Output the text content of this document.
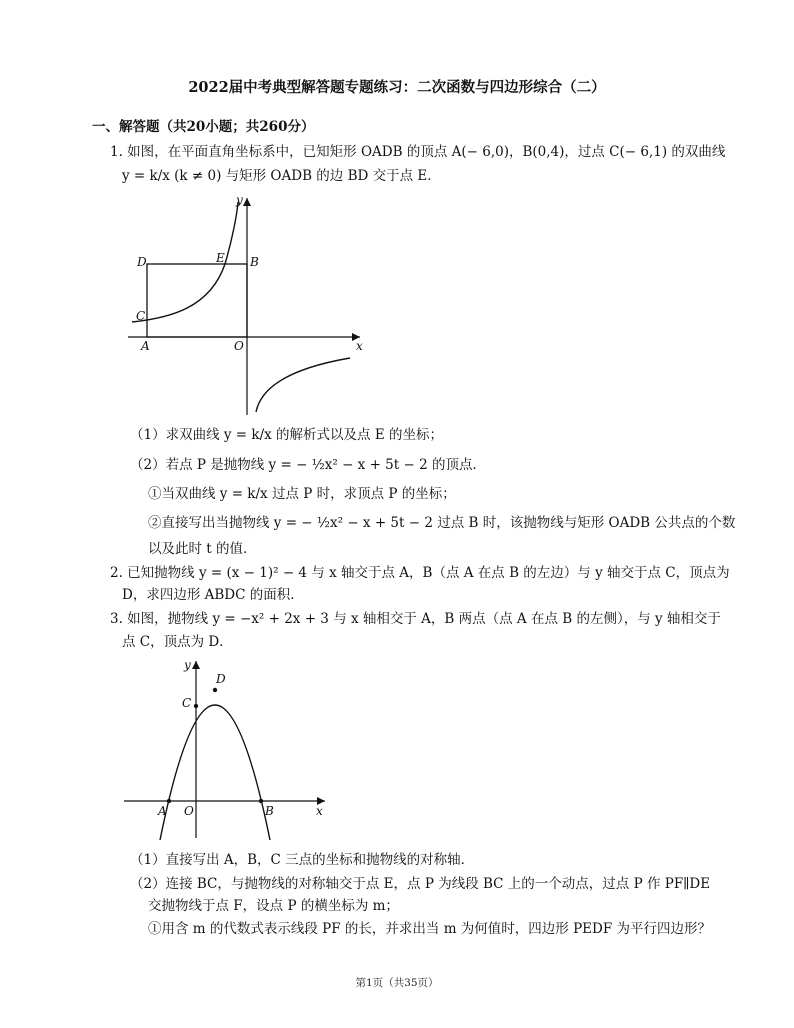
2022届中考典型解答题专题练习：二次函数与四边形综合（二）
一、解答题（共20小题；共260分）
1. 如图，在平面直角坐标系中，已知矩形 OADB 的顶点 A(− 6,0)，B(0,4)，过点 C(− 6,1) 的双曲线
y = k/x (k ≠ 0) 与矩形 OADB 的边 BD 交于点 E．
y
x
D	E B
C
A	O
（1）求双曲线 y = k/x 的解析式以及点 E 的坐标；
（2）若点 P 是抛物线 y = − ½x² − x + 5t − 2 的顶点．
①当双曲线 y = k/x 过点 P 时，求顶点 P 的坐标；
②直接写出当抛物线 y = − ½x² − x + 5t − 2 过点 B 时，该抛物线与矩形 OADB 公共点的个数
以及此时 t 的值．
2. 已知抛物线 y = (x − 1)² − 4 与 x 轴交于点 A，B（点 A 在点 B 的左边）与 y 轴交于点 C，顶点为
D，求四边形 ABDC 的面积．
3. 如图，抛物线 y = −x² + 2x + 3 与 x 轴相交于 A，B 两点（点 A 在点 B 的左侧），与 y 轴相交于
点 C，顶点为 D．
y
x
D
C
A O	B
（1）直接写出 A，B，C 三点的坐标和抛物线的对称轴．
（2）连接 BC，与抛物线的对称轴交于点 E，点 P 为线段 BC 上的一个动点，过点 P 作 PF∥DE
交抛物线于点 F，设点 P 的横坐标为 m；
①用含 m 的代数式表示线段 PF 的长，并求出当 m 为何值时，四边形 PEDF 为平行四边形？
第1页（共35页）
